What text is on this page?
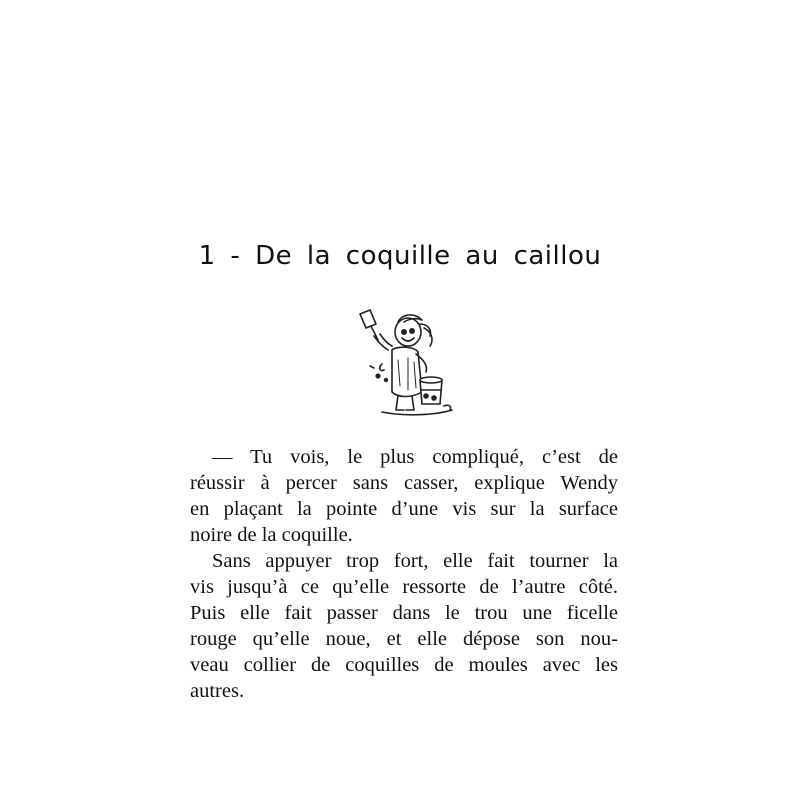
1 - De la coquille au caillou

— Tu vois, le plus compliqué, c’est de
réussir à percer sans casser, explique Wendy
en plaçant la pointe d’une vis sur la surface
noire de la coquille.

Sans appuyer trop fort, elle fait tourner la
vis jusqu’à ce qu’elle ressorte de l’autre côté.
Puis elle fait passer dans le trou une ficelle
rouge qu’elle noue, et elle dépose son nou-
veau collier de coquilles de moules avec les
autres.
